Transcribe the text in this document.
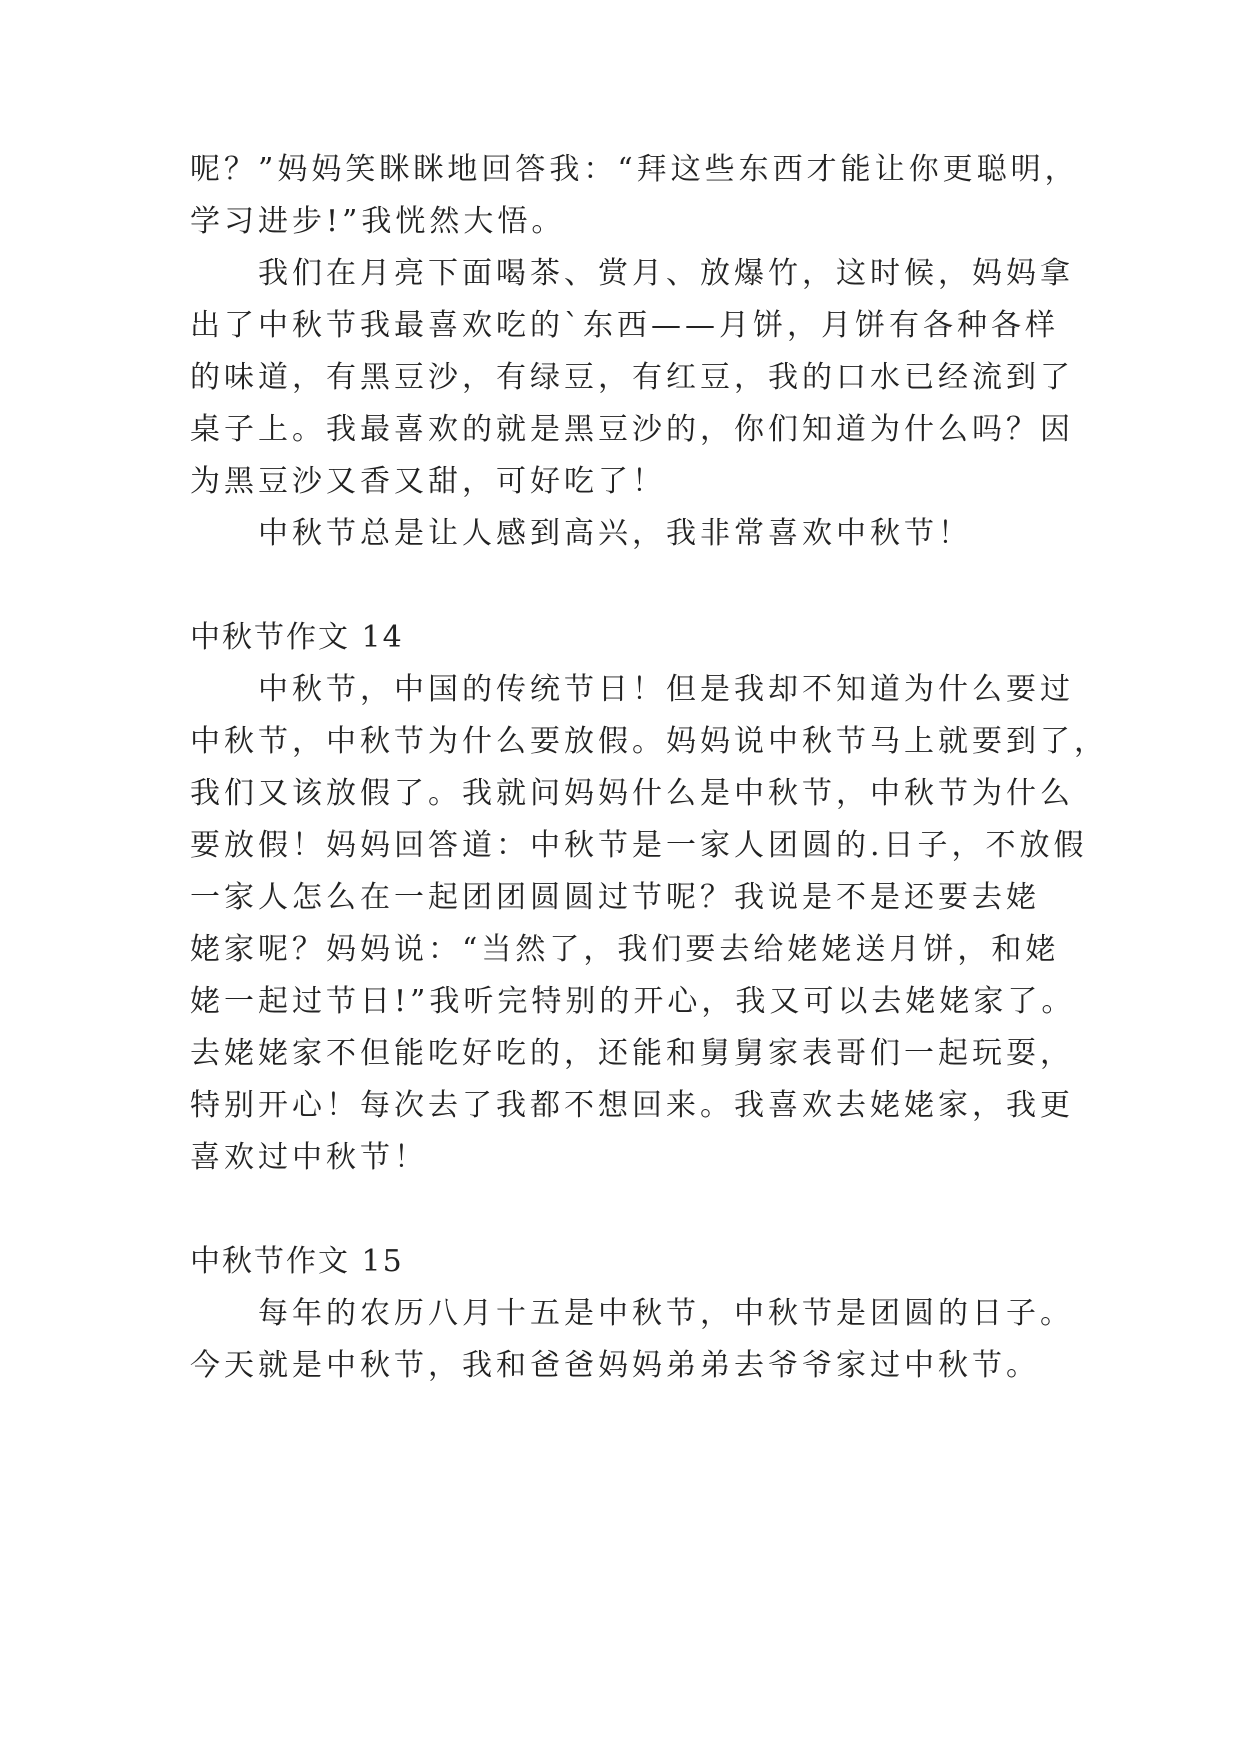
呢？”妈妈笑眯眯地回答我：“拜这些东西才能让你更聪明，
学习进步!”我恍然大悟。
我们在月亮下面喝茶、赏月、放爆竹，这时候，妈妈拿
出了中秋节我最喜欢吃的`东西——月饼，月饼有各种各样
的味道，有黑豆沙，有绿豆，有红豆，我的口水已经流到了
桌子上。我最喜欢的就是黑豆沙的，你们知道为什么吗？因
为黑豆沙又香又甜，可好吃了！
中秋节总是让人感到高兴，我非常喜欢中秋节！
中秋节作文 14
中秋节，中国的传统节日！但是我却不知道为什么要过
中秋节，中秋节为什么要放假。妈妈说中秋节马上就要到了，
我们又该放假了。我就问妈妈什么是中秋节，中秋节为什么
要放假！妈妈回答道：中秋节是一家人团圆的.日子，不放假
一家人怎么在一起团团圆圆过节呢？我说是不是还要去姥
姥家呢？妈妈说：“当然了，我们要去给姥姥送月饼，和姥
姥一起过节日!”我听完特别的开心，我又可以去姥姥家了。
去姥姥家不但能吃好吃的，还能和舅舅家表哥们一起玩耍，
特别开心！每次去了我都不想回来。我喜欢去姥姥家，我更
喜欢过中秋节！
中秋节作文 15
每年的农历八月十五是中秋节，中秋节是团圆的日子。
今天就是中秋节，我和爸爸妈妈弟弟去爷爷家过中秋节。
